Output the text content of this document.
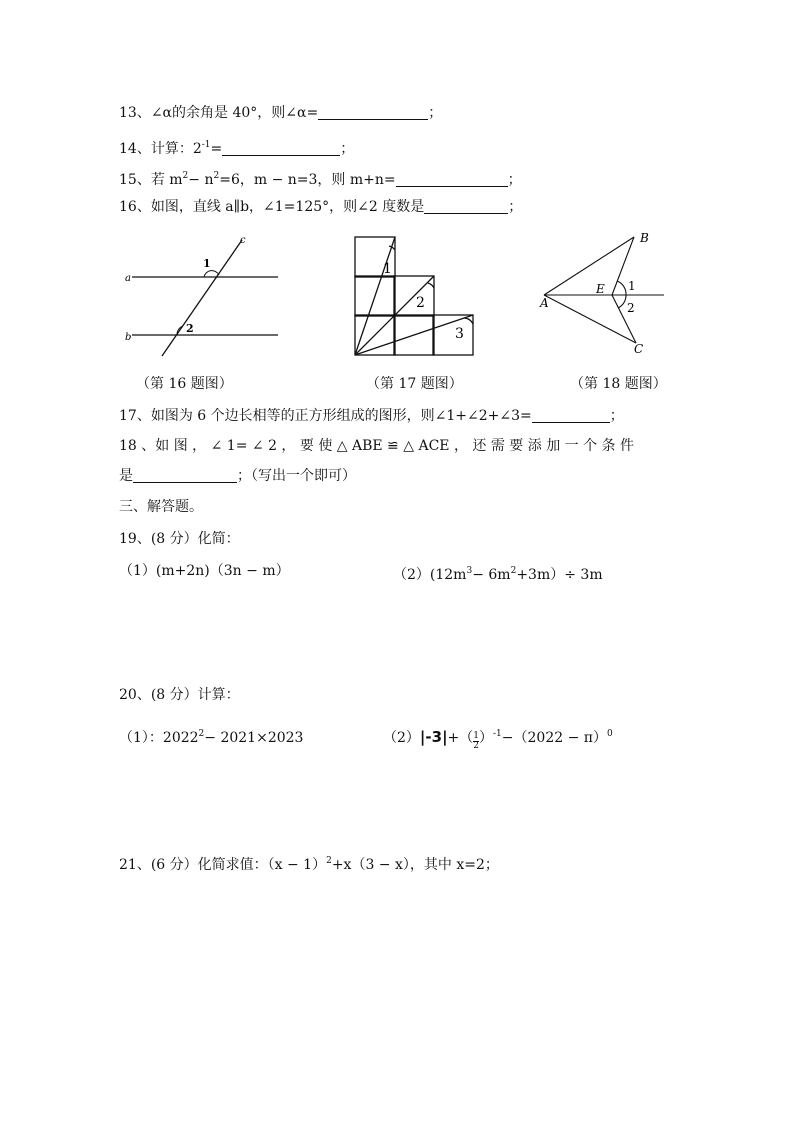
13、∠α的余角是 40°，则∠α=	；
14、计算：$2^{-1}=$	；
15、若 $m^2- n^2=6$，m − n=3，则 m+n=	；
16、如图，直线 a∥b，∠1=125°，则∠2 度数是	；
a
b
c
1
2
1
2
3
B
A
E
C
1
2
（第 16 题图）	（第 17 题图）	（第 18 题图）
17、如图为 6 个边长相等的正方形组成的图形，则∠1+∠2+∠3=	；
18 、如 图 ， ∠ 1= ∠ 2 ， 要 使 △ ABE ≌ △ ACE ， 还 需 要 添 加 一 个 条 件
是	；（写出一个即可）
三、解答题。
19、(8 分）化简：
（1）(m+2n)（3n − m）	$(2)(12m^3- 6m^2+3m)\div 3m$
20、(8 分）计算：
（1）：$2022^2- 2021\times 2023$	$(2)|-3|+( \frac{1}{2} )^{-1}-(2022 - \pi)^0$
21、(6 分）化简求值：$(x - 1)^2+x(3 - x)$，其中 x=2；
